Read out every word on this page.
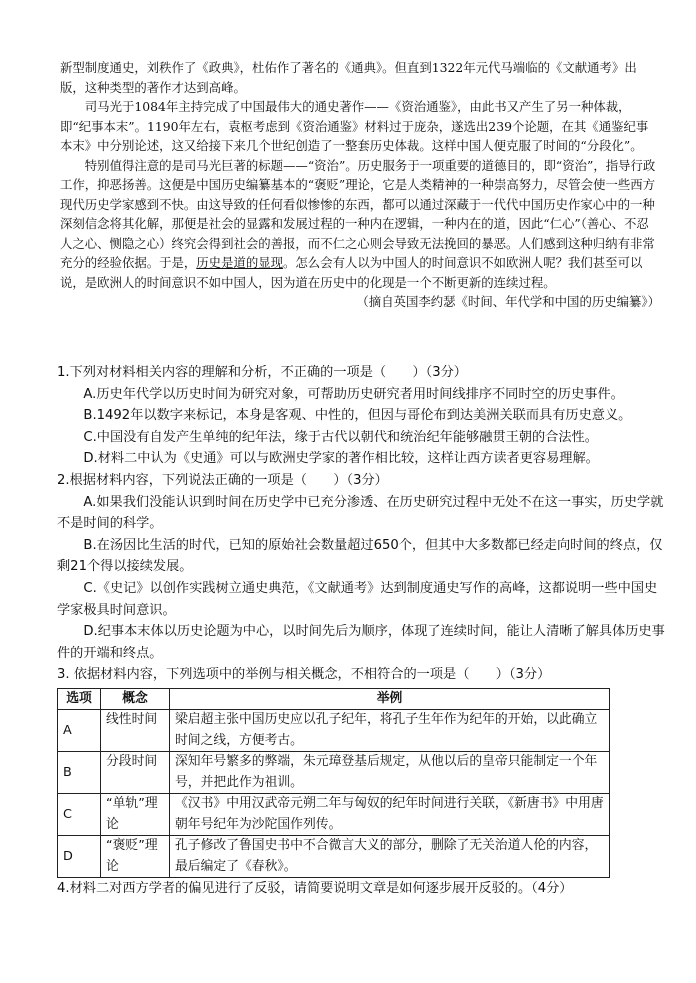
新型制度通史，刘秩作了《政典》，杜佑作了著名的《通典》。但直到1322年元代马端临的《文献通考》出版，这种类型的著作才达到高峰。

司马光于1084年主持完成了中国最伟大的通史著作——《资治通鉴》，由此书又产生了另一种体裁，即“纪事本末”。1190年左右，袁枢考虑到《资治通鉴》材料过于庞杂，遂选出239个论题，在其《通鉴纪事本末》中分别论述，这又给接下来几个世纪创造了一整套历史体裁。这样中国人便克服了时间的“分段化”。

特别值得注意的是司马光巨著的标题——“资治”。历史服务于一项重要的道德目的，即“资治”，指导行政工作，抑恶扬善。这便是中国历史编纂基本的“褒贬”理论，它是人类精神的一种崇高努力，尽管会使一些西方现代历史学家感到不快。由这导致的任何看似惨惨的东西，都可以通过深藏于一代代中国历史作家心中的一种深刻信念将其化解，那便是社会的显露和发展过程的一种内在逻辑，一种内在的道，因此“仁心”（善心、不忍人之心、恻隐之心）终究会得到社会的善报，而不仁之心则会导致无法挽回的暴恶。人们感到这种归纳有非常充分的经验依据。于是，历史是道的显现。怎么会有人以为中国人的时间意识不如欧洲人呢？我们甚至可以说，是欧洲人的时间意识不如中国人，因为道在历史中的化现是一个不断更新的连续过程。

（摘自英国李约瑟《时间、年代学和中国的历史编纂》）

1.下列对材料相关内容的理解和分析，不正确的一项是（　　）（3分）

A.历史年代学以历史时间为研究对象，可帮助历史研究者用时间线排序不同时空的历史事件。

B.1492年以数字来标记，本身是客观、中性的，但因与哥伦布到达美洲关联而具有历史意义。

C.中国没有自发产生单纯的纪年法，缘于古代以朝代和统治纪年能够融贯王朝的合法性。

D.材料二中认为《史通》可以与欧洲史学家的著作相比较，这样让西方读者更容易理解。

2.根据材料内容，下列说法正确的一项是（　　）（3分）

A.如果我们没能认识到时间在历史学中已充分渗透、在历史研究过程中无处不在这一事实，历史学就不是时间的科学。

B.在汤因比生活的时代，已知的原始社会数量超过650个，但其中大多数都已经走向时间的终点，仅剩21个得以接续发展。

C.《史记》以创作实践树立通史典范，《文献通考》达到制度通史写作的高峰，这都说明一些中国史学家极具时间意识。

D.纪事本末体以历史论题为中心，以时间先后为顺序，体现了连续时间，能让人清晰了解具体历史事件的开端和终点。

3. 依据材料内容，下列选项中的举例与相关概念，不相符合的一项是（　　）（3分）

选项	概念	举例
A	线性时间	梁启超主张中国历史应以孔子纪年，将孔子生年作为纪年的开始，以此确立时间之线，方便考古。
B	分段时间	深知年号繁多的弊端，朱元璋登基后规定，从他以后的皇帝只能制定一个年号，并把此作为祖训。
C	“单轨”理论	《汉书》中用汉武帝元朔二年与匈奴的纪年时间进行关联，《新唐书》中用唐朝年号纪年为沙陀国作列传。
D	“褒贬”理论	孔子修改了鲁国史书中不合微言大义的部分，删除了无关治道人伦的内容，最后编定了《春秋》。

4.材料二对西方学者的偏见进行了反驳，请简要说明文章是如何逐步展开反驳的。（4分）
